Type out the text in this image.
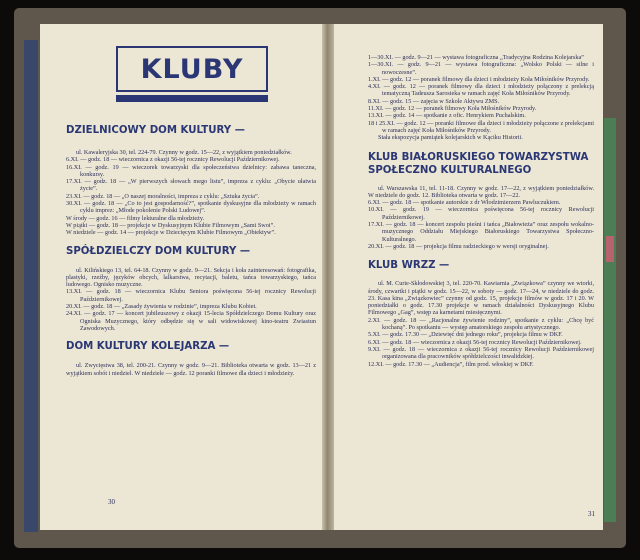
KLUBY

DZIELNICOWY DOM KULTURY —

ul. Kawaleryjska 30, tel. 224-79. Czynny w godz. 15—22, z wyjątkiem poniedziałków.

6.XI. — godz. 18 — wieczornica z okazji 56-tej rocznicy Rewolucji Październikowej.

16.XI. — godz. 19 — wieczorek towarzyski dla społeczeństwa dzielnicy: zabawa taneczna, konkursy.

17.XI. — godz. 18 — „W pierwszych słowach mego listu”, impreza z cyklu: „Obycie ułatwia życie”.

23.XI. — godz. 18 — „O naszej moralności, impreza z cyklu: „Sztuka życia”.

30.XI. — godz. 18 — „Co to jest gospodarność?”, spotkanie dyskusyjne dla młodzieży w ramach cyklu imprez: „Młode pokolenie Polski Ludowej”.

W środy — godz. 16 — filmy lekturalne dla młodzieży.

W piątki — godz. 18 — projekcje w Dyskusyjnym Klubie Filmowym „Sami Swoi”.

W niedziele — godz. 14 — projekcje w Dziecięcym Klubie Filmowym „Obiektyw”.

SPÓŁDZIELCZY DOM KULTURY —

ul. Kilińskiego 13, tel. 64-18. Czynny w godz. 9—21. Sekcja i koła zainteresowań: fotografika, plastyki, rzeźby, języków obcych, lalkarstwa, recytacji, baletu, tańca towarzyskiego, tańca ludowego. Ognisko muzyczne.

13.XI. — godz. 18 — wieczornica Klubu Seniora poświęcona 56-tej rocznicy Rewolucji Październikowej.

20.XI. — godz. 18 — „Zasady żywienia w rodzinie”, impreza Klubu Kobiet.

24.XI. — godz. 17 — koncert jubileuszowy z okazji 15-lecia Spółdzielczego Domu Kultury oraz Ogniska Muzycznego, który odbędzie się w sali widowiskowej kino-teatru Zwiastun Zawodowych.

DOM KULTURY KOLEJARZA —

ul. Zwycięstwa 38, tel. 200-21. Czynny w godz. 9—21. Biblioteka otwarta w godz. 13—21 z wyjątkiem sobót i niedziel. W niedziele — godz. 12 poranki filmowe dla dzieci i młodzieży.

30

1—30.XI. — godz. 9—21 — wystawa fotograficzna „Tradycyjna Rodzina Kolejarska”

1—30.XI. — godz. 9—21 — wystawa fotograficzna: „Wolsko Polski — silne i nowoczesne”.

1.XI. — godz. 12 — poranek filmowy dla dzieci i młodzieży Koła Miłośników Przyrody.

4.XI. — godz. 12 — poranek filmowy dla dzieci i młodzieży połączony z prelekcją tematyczną Tadeusza Sarosieka w ramach zajęć Koła Miłośników Przyrody.

8.XI. — godz. 15 — zajęcia w Szkole Aktywu ZMS.

11.XI. — godz. 12 — poranek filmowy Koła Miłośników Przyrody.

13.XI. — godz. 14 — spotkanie z ofic. Henrykiem Puchalskim.

18 i 25.XI. — godz. 12 — poranki filmowe dla dzieci i młodzieży połączone z prelekcjami w ramach zajęć Koła Miłośników Przyrody.

Stała ekspozycja pamiątek kolejarskich w Kąciku Historii.

KLUB BIAŁORUSKIEGO TOWARZYSTWA SPOŁECZNO KULTURALNEGO

ul. Warszawska 11, tel. 11-18. Czynny w godz. 17—22, z wyjątkiem poniedziałków. W niedziele do godz. 12. Biblioteka otwarta w godz. 17—22.

6.XI. — godz. 18 — spotkanie autorskie z dr Włodzimierzem Pawluczukiem.

10.XI. — godz. 19 — wieczornica poświęcona 56-tej rocznicy Rewolucji Październikowej.

17.XI. — godz. 18 — koncert zespołu pieśni i tańca „Białowieża” oraz zespołu wokalno-muzycznego Oddziału Miejskiego Białoruskiego Towarzystwa Społeczno-Kulturalnego.

20.XI. — godz. 18 — projekcja filmu radzieckiego w wersji oryginalnej.

KLUB WRZZ —

ul. M. Curie-Skłodowskiej 3, tel. 220-70. Kawiarnia „Związkowa” czynny we wtorki, środy, czwartki i piątki w godz. 15—22, w soboty — godz. 17—24, w niedziele do godz. 23. Kasa kina „Związkowiec” czynny od godz. 15, projekcje filmów w godz. 17 i 20. W poniedziałki o godz. 17.30 projekcje w ramach działalności Dyskusyjnego Klubu Filmowego „Gag”, wstęp za karnetami miesięcznymi.

2.XI. — godz. 18 — „Racjonalne żywienie rodziny”, spotkanie z cyklu: „Chcę być kochaną”. Po spotkaniu — występ amatorskiego zespołu artystycznego.

5.XI. — godz. 17.30 — „Dziewięć dni jednego roku”, projekcja filmu w DKF.

6.XI. — godz. 18 — wieczornica z okazji 56-tej rocznicy Rewolucji Październikowej.

9.XI. — godz. 18 — wieczornica z okazji 56-tej rocznicy Rewolucji Październikowej organizowana dla pracowników spółdzielczości inwalidzkiej.

12.XI. — godz. 17.30 — „Audiencja”, film prod. włoskiej w DKF.

31
